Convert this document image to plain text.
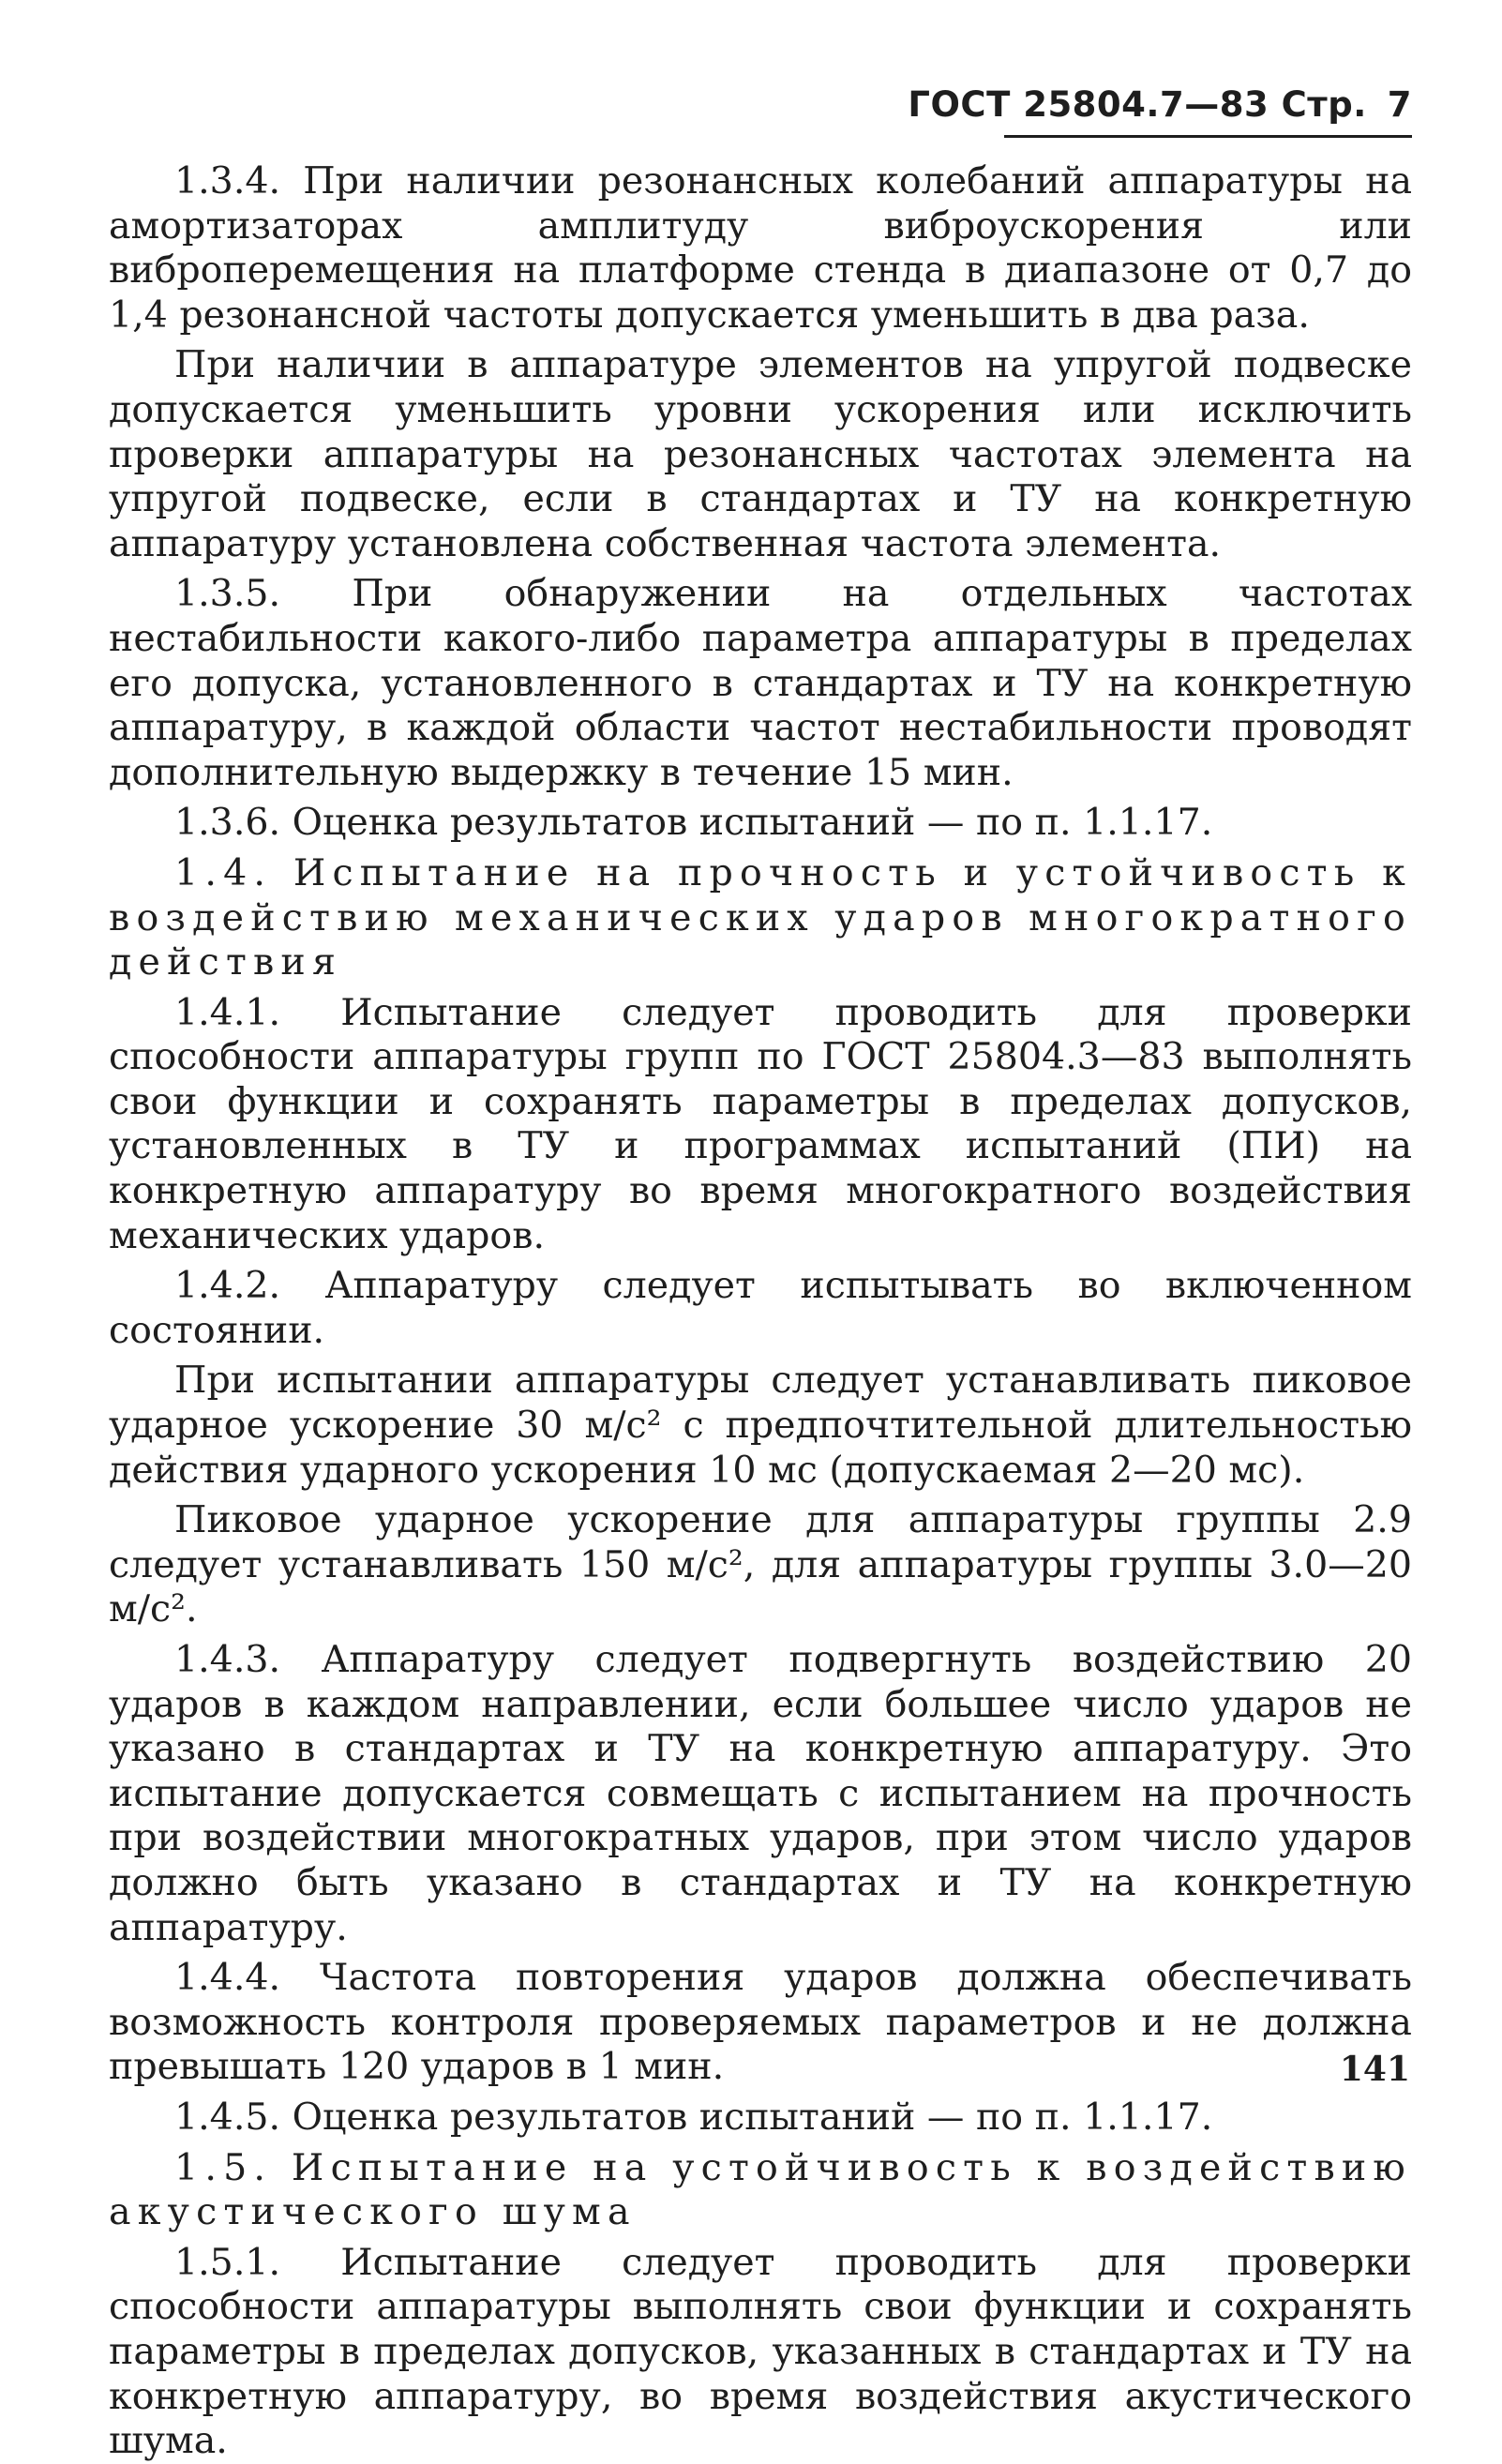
ГОСТ 25804.7—83 Стр. 7

1.3.4. При наличии резонансных колебаний аппаратуры на амортизаторах амплитуду виброускорения или виброперемещения на платформе стенда в диапазоне от 0,7 до 1,4 резонансной частоты допускается уменьшить в два раза.

При наличии в аппаратуре элементов на упругой подвеске допускается уменьшить уровни ускорения или исключить проверки аппаратуры на резонансных частотах элемента на упругой подвеске, если в стандартах и ТУ на конкретную аппаратуру установлена собственная частота элемента.

1.3.5. При обнаружении на отдельных частотах нестабильности какого-либо параметра аппаратуры в пределах его допуска, установленного в стандартах и ТУ на конкретную аппаратуру, в каждой области частот нестабильности проводят дополнительную выдержку в течение 15 мин.

1.3.6. Оценка результатов испытаний — по п. 1.1.17.

1.4. Испытание на прочность и устойчивость к воздействию механических ударов многократного действия

1.4.1. Испытание следует проводить для проверки способности аппаратуры групп по ГОСТ 25804.3—83 выполнять свои функции и сохранять параметры в пределах допусков, установленных в ТУ и программах испытаний (ПИ) на конкретную аппаратуру во время многократного воздействия механических ударов.

1.4.2. Аппаратуру следует испытывать во включенном состоянии.

При испытании аппаратуры следует устанавливать пиковое ударное ускорение 30 м/с² с предпочтительной длительностью действия ударного ускорения 10 мс (допускаемая 2—20 мс).

Пиковое ударное ускорение для аппаратуры группы 2.9 следует устанавливать 150 м/с², для аппаратуры группы 3.0—20 м/с².

1.4.3. Аппаратуру следует подвергнуть воздействию 20 ударов в каждом направлении, если большее число ударов не указано в стандартах и ТУ на конкретную аппаратуру. Это испытание допускается совмещать с испытанием на прочность при воздействии многократных ударов, при этом число ударов должно быть указано в стандартах и ТУ на конкретную аппаратуру.

1.4.4. Частота повторения ударов должна обеспечивать возможность контроля проверяемых параметров и не должна превышать 120 ударов в 1 мин.

1.4.5. Оценка результатов испытаний — по п. 1.1.17.

1.5. Испытание на устойчивость к воздействию акустического шума

1.5.1. Испытание следует проводить для проверки способности аппаратуры выполнять свои функции и сохранять параметры в пределах допусков, указанных в стандартах и ТУ на конкретную аппаратуру, во время воздействия акустического шума.

141
